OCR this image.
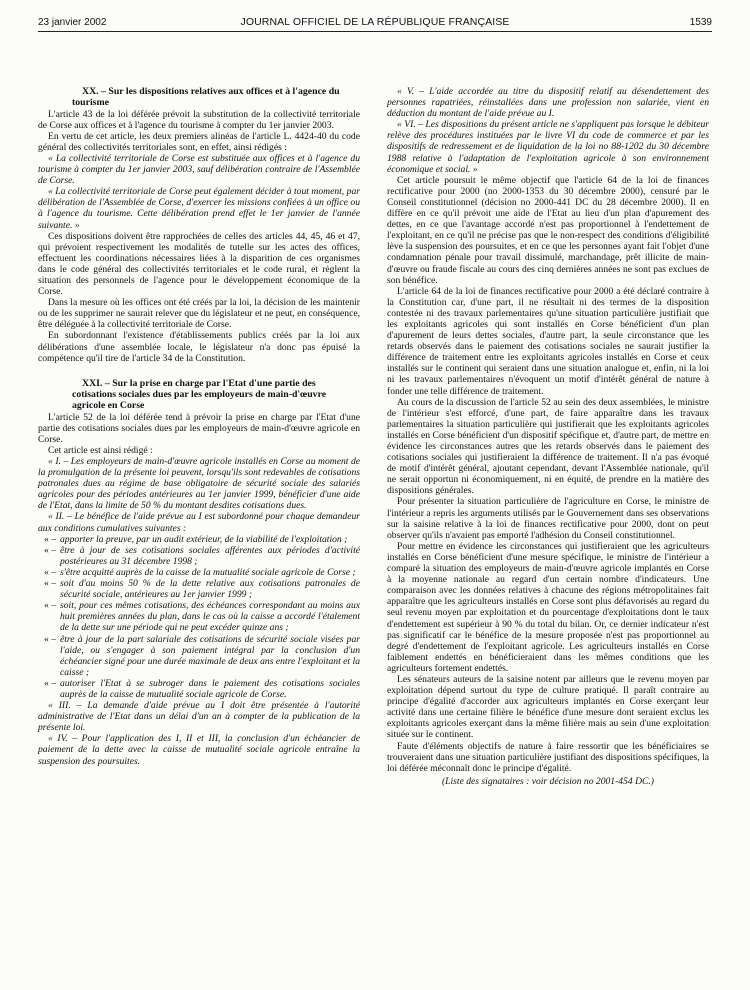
23 janvier 2002	JOURNAL OFFICIEL DE LA RÉPUBLIQUE FRANÇAISE	1539

XX. – Sur les dispositions relatives aux offices et à l'agence du tourisme

L'article 43 de la loi déférée prévoit la substitution de la collectivité territoriale de Corse aux offices et à l'agence du tourisme à compter du 1er janvier 2003.

En vertu de cet article, les deux premiers alinéas de l'article L. 4424-40 du code général des collectivités territoriales sont, en effet, ainsi rédigés :

« La collectivité territoriale de Corse est substituée aux offices et à l'agence du tourisme à compter du 1er janvier 2003, sauf délibération contraire de l'Assemblée de Corse.

« La collectivité territoriale de Corse peut également décider à tout moment, par délibération de l'Assemblée de Corse, d'exercer les missions confiées à un office ou à l'agence du tourisme. Cette délibération prend effet le 1er janvier de l'année suivante. »

Ces dispositions doivent être rapprochées de celles des articles 44, 45, 46 et 47, qui prévoient respectivement les modalités de tutelle sur les actes des offices, effectuent les coordinations nécessaires liées à la disparition de ces organismes dans le code général des collectivités territoriales et le code rural, et règlent la situation des personnels de l'agence pour le développement économique de la Corse.

Dans la mesure où les offices ont été créés par la loi, la décision de les maintenir ou de les supprimer ne saurait relever que du législateur et ne peut, en conséquence, être déléguée à la collectivité territoriale de Corse.

En subordonnant l'existence d'établissements publics créés par la loi aux délibérations d'une assemblée locale, le législateur n'a donc pas épuisé la compétence qu'il tire de l'article 34 de la Constitution.

XXI. – Sur la prise en charge par l'Etat d'une partie des cotisations sociales dues par les employeurs de main-d'œuvre agricole en Corse

L'article 52 de la loi déférée tend à prévoir la prise en charge par l'Etat d'une partie des cotisations sociales dues par les employeurs de main-d'œuvre agricole en Corse.

Cet article est ainsi rédigé :

« I. – Les employeurs de main-d'œuvre agricole installés en Corse au moment de la promulgation de la présente loi peuvent, lorsqu'ils sont redevables de cotisations patronales dues au régime de base obligatoire de sécurité sociale des salariés agricoles pour des périodes antérieures au 1er janvier 1999, bénéficier d'une aide de l'Etat, dans la limite de 50 % du montant desdites cotisations dues.

« II. – Le bénéfice de l'aide prévue au I est subordonné pour chaque demandeur aux conditions cumulatives suivantes :

« – apporter la preuve, par un audit extérieur, de la viabilité de l'exploitation ;

« – être à jour de ses cotisations sociales afférentes aux périodes d'activité postérieures au 31 décembre 1998 ;

« – s'être acquitté auprès de la caisse de la mutualité sociale agricole de Corse ;

« – soit d'au moins 50 % de la dette relative aux cotisations patronales de sécurité sociale, antérieures au 1er janvier 1999 ;

« – soit, pour ces mêmes cotisations, des échéances correspondant au moins aux huit premières années du plan, dans le cas où la caisse a accordé l'étalement de la dette sur une période qui ne peut excéder quinze ans ;

« – être à jour de la part salariale des cotisations de sécurité sociale visées par l'aide, ou s'engager à son paiement intégral par la conclusion d'un échéancier signé pour une durée maximale de deux ans entre l'exploitant et la caisse ;

« – autoriser l'Etat à se subroger dans le paiement des cotisations sociales auprès de la caisse de mutualité sociale agricole de Corse.

« III. – La demande d'aide prévue au I doit être présentée à l'autorité administrative de l'Etat dans un délai d'un an à compter de la publication de la présente loi.

« IV. – Pour l'application des I, II et III, la conclusion d'un échéancier de paiement de la dette avec la caisse de mutualité sociale agricole entraîne la suspension des poursuites.

« V. – L'aide accordée au titre du dispositif relatif au désendettement des personnes rapatriées, réinstallées dans une profession non salariée, vient en déduction du montant de l'aide prévue au I.

« VI. – Les dispositions du présent article ne s'appliquent pas lorsque le débiteur relève des procédures instituées par le livre VI du code de commerce et par les dispositifs de redressement et de liquidation de la loi no 88-1202 du 30 décembre 1988 relative à l'adaptation de l'exploitation agricole à son environnement économique et social. »

Cet article poursuit le même objectif que l'article 64 de la loi de finances rectificative pour 2000 (no 2000-1353 du 30 décembre 2000), censuré par le Conseil constitutionnel (décision no 2000-441 DC du 28 décembre 2000). Il en diffère en ce qu'il prévoit une aide de l'Etat au lieu d'un plan d'apurement des dettes, en ce que l'avantage accordé n'est pas proportionnel à l'endettement de l'exploitant, en ce qu'il ne précise pas que le non-respect des conditions d'éligibilité lève la suspension des poursuites, et en ce que les personnes ayant fait l'objet d'une condamnation pénale pour travail dissimulé, marchandage, prêt illicite de main-d'œuvre ou fraude fiscale au cours des cinq dernières années ne sont pas exclues de son bénéfice.

L'article 64 de la loi de finances rectificative pour 2000 a été déclaré contraire à la Constitution car, d'une part, il ne résultait ni des termes de la disposition contestée ni des travaux parlementaires qu'une situation particulière justifiait que les exploitants agricoles qui sont installés en Corse bénéficient d'un plan d'apurement de leurs dettes sociales, d'autre part, la seule circonstance que les retards observés dans le paiement des cotisations sociales ne saurait justifier la différence de traitement entre les exploitants agricoles installés en Corse et ceux installés sur le continent qui seraient dans une situation analogue et, enfin, ni la loi ni les travaux parlementaires n'évoquent un motif d'intérêt général de nature à fonder une telle différence de traitement.

Au cours de la discussion de l'article 52 au sein des deux assemblées, le ministre de l'intérieur s'est efforcé, d'une part, de faire apparaître dans les travaux parlementaires la situation particulière qui justifierait que les exploitants agricoles installés en Corse bénéficient d'un dispositif spécifique et, d'autre part, de mettre en évidence les circonstances autres que les retards observés dans le paiement des cotisations sociales qui justifieraient la différence de traitement. Il n'a pas évoqué de motif d'intérêt général, ajoutant cependant, devant l'Assemblée nationale, qu'il ne serait opportun ni économiquement, ni en équité, de prendre en la matière des dispositions générales.

Pour présenter la situation particulière de l'agriculture en Corse, le ministre de l'intérieur a repris les arguments utilisés par le Gouvernement dans ses observations sur la saisine relative à la loi de finances rectificative pour 2000, dont on peut observer qu'ils n'avaient pas emporté l'adhésion du Conseil constitutionnel.

Pour mettre en évidence les circonstances qui justifieraient que les agriculteurs installés en Corse bénéficient d'une mesure spécifique, le ministre de l'intérieur a comparé la situation des employeurs de main-d'œuvre agricole implantés en Corse à la moyenne nationale au regard d'un certain nombre d'indicateurs. Une comparaison avec les données relatives à chacune des régions métropolitaines fait apparaître que les agriculteurs installés en Corse sont plus défavorisés au regard du seul revenu moyen par exploitation et du pourcentage d'exploitations dont le taux d'endettement est supérieur à 90 % du total du bilan. Or, ce dernier indicateur n'est pas significatif car le bénéfice de la mesure proposée n'est pas proportionnel au degré d'endettement de l'exploitant agricole. Les agriculteurs installés en Corse faiblement endettés en bénéficieraient dans les mêmes conditions que les agriculteurs fortement endettés.

Les sénateurs auteurs de la saisine notent par ailleurs que le revenu moyen par exploitation dépend surtout du type de culture pratiqué. Il paraît contraire au principe d'égalité d'accorder aux agriculteurs implantés en Corse exerçant leur activité dans une certaine filière le bénéfice d'une mesure dont seraient exclus les exploitants agricoles exerçant dans la même filière mais au sein d'une exploitation située sur le continent.

Faute d'éléments objectifs de nature à faire ressortir que les bénéficiaires se trouveraient dans une situation particulière justifiant des dispositions spécifiques, la loi déférée méconnaît donc le principe d'égalité.

(Liste des signataires : voir décision no 2001-454 DC.)
